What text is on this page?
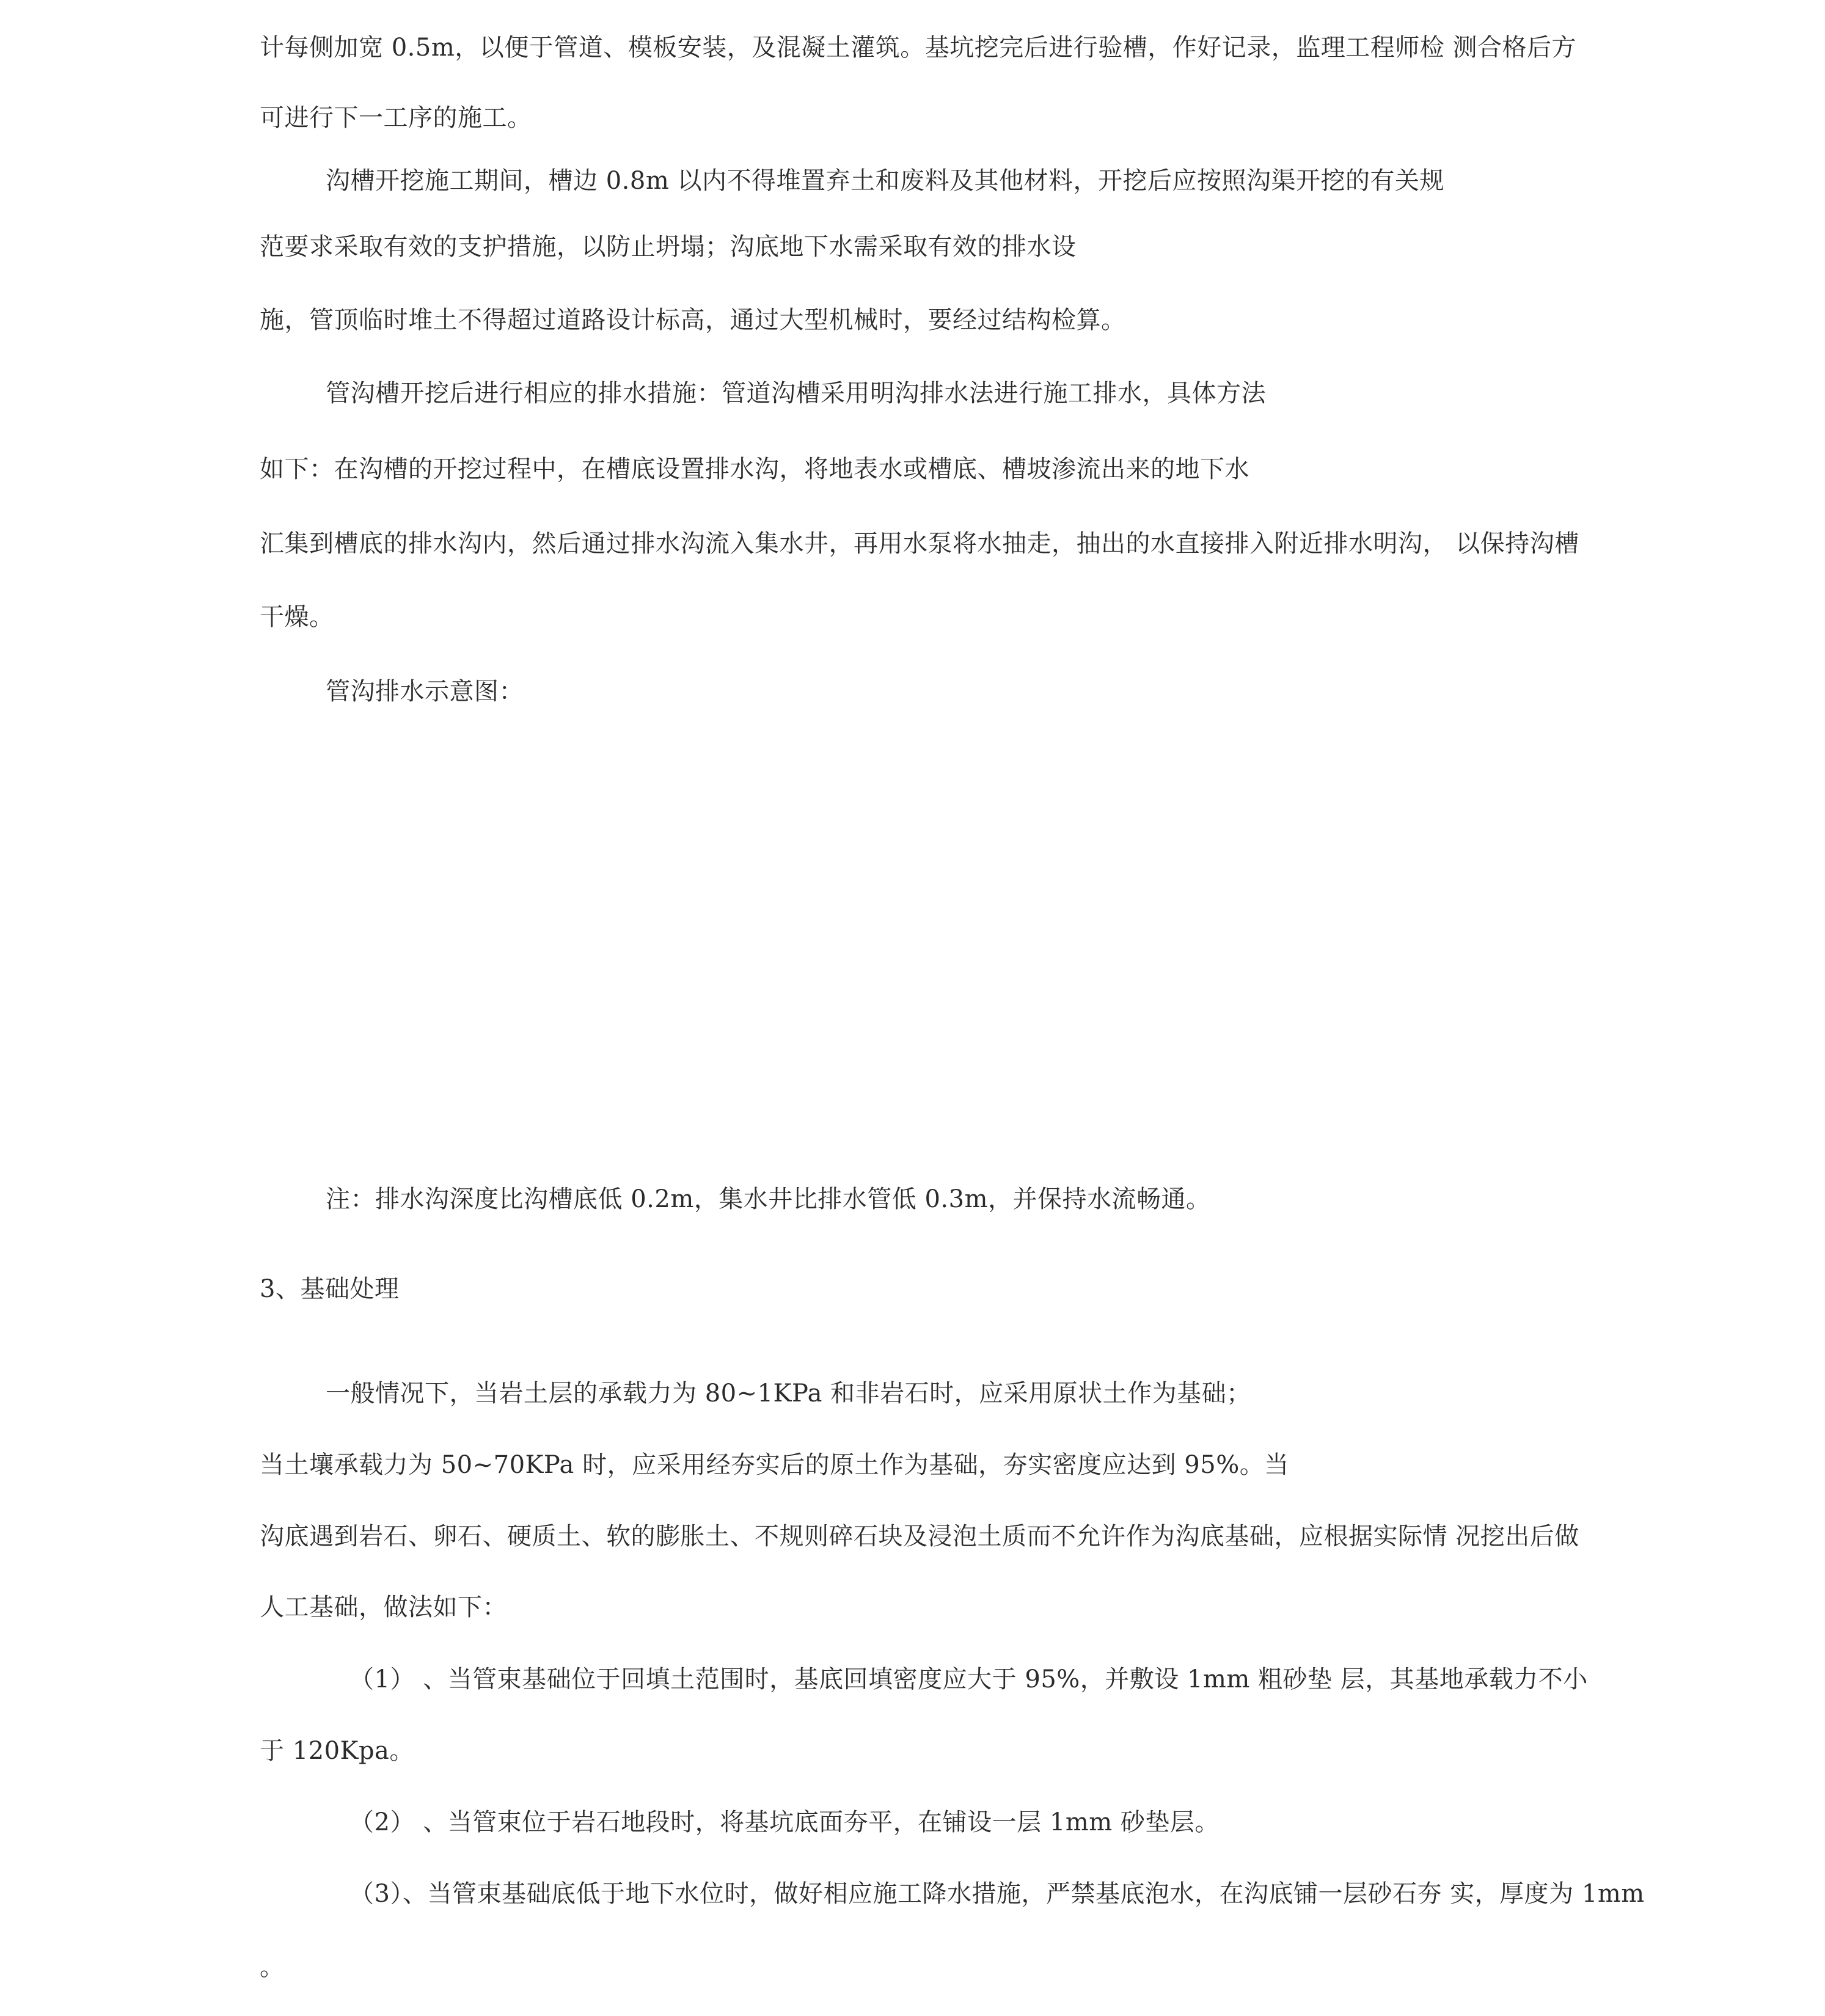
计每侧加宽 0.5m，以便于管道、模板安装，及混凝土灌筑。基坑挖完后进行验槽，作好记录，监理工程师检 测合格后方

可进行下一工序的施工。

沟槽开挖施工期间，槽边 0.8m 以内不得堆置弃土和废料及其他材料，开挖后应按照沟渠开挖的有关规

范要求采取有效的支护措施，以防止坍塌；沟底地下水需采取有效的排水设

施，管顶临时堆土不得超过道路设计标高，通过大型机械时，要经过结构检算。

管沟槽开挖后进行相应的排水措施：管道沟槽采用明沟排水法进行施工排水，具体方法

如下：在沟槽的开挖过程中，在槽底设置排水沟，将地表水或槽底、槽坡渗流出来的地下水

汇集到槽底的排水沟内，然后通过排水沟流入集水井，再用水泵将水抽走，抽出的水直接排入附近排水明沟， 以保持沟槽

干燥。

管沟排水示意图：

注：排水沟深度比沟槽底低 0.2m，集水井比排水管低 0.3m，并保持水流畅通。

3、基础处理

一般情况下，当岩土层的承载力为 80~1KPa 和非岩石时，应采用原状土作为基础；

当土壤承载力为 50~70KPa 时，应采用经夯实后的原土作为基础，夯实密度应达到 95%。当

沟底遇到岩石、卵石、硬质土、软的膨胀土、不规则碎石块及浸泡土质而不允许作为沟底基础，应根据实际情 况挖出后做

人工基础，做法如下：

（1） 、当管束基础位于回填土范围时，基底回填密度应大于 95%，并敷设 1mm 粗砂垫 层，其基地承载力不小

于 120Kpa。

（2） 、当管束位于岩石地段时，将基坑底面夯平，在铺设一层 1mm 砂垫层。

（3）、当管束基础底低于地下水位时，做好相应施工降水措施，严禁基底泡水，在沟底铺一层砂石夯 实，厚度为 1mm

。
